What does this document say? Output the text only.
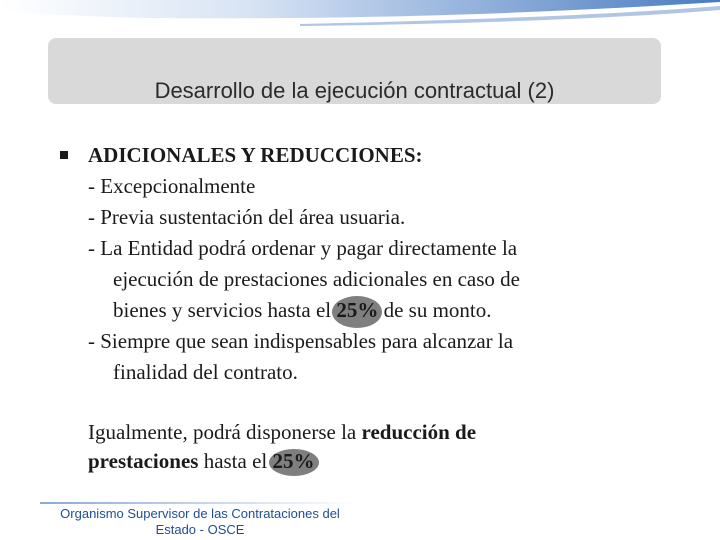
Desarrollo de la ejecución contractual (2)
ADICIONALES Y REDUCCIONES:
- Excepcionalmente
- Previa sustentación del área usuaria.
- La Entidad podrá ordenar y pagar directamente la
ejecución de prestaciones adicionales en caso de
bienes y servicios hasta el 25% de su monto.
- Siempre que sean indispensables para alcanzar la
finalidad del contrato.
Igualmente, podrá disponerse la reducción de
prestaciones hasta el 25%
Organismo Supervisor de las Contrataciones del
Estado - OSCE
